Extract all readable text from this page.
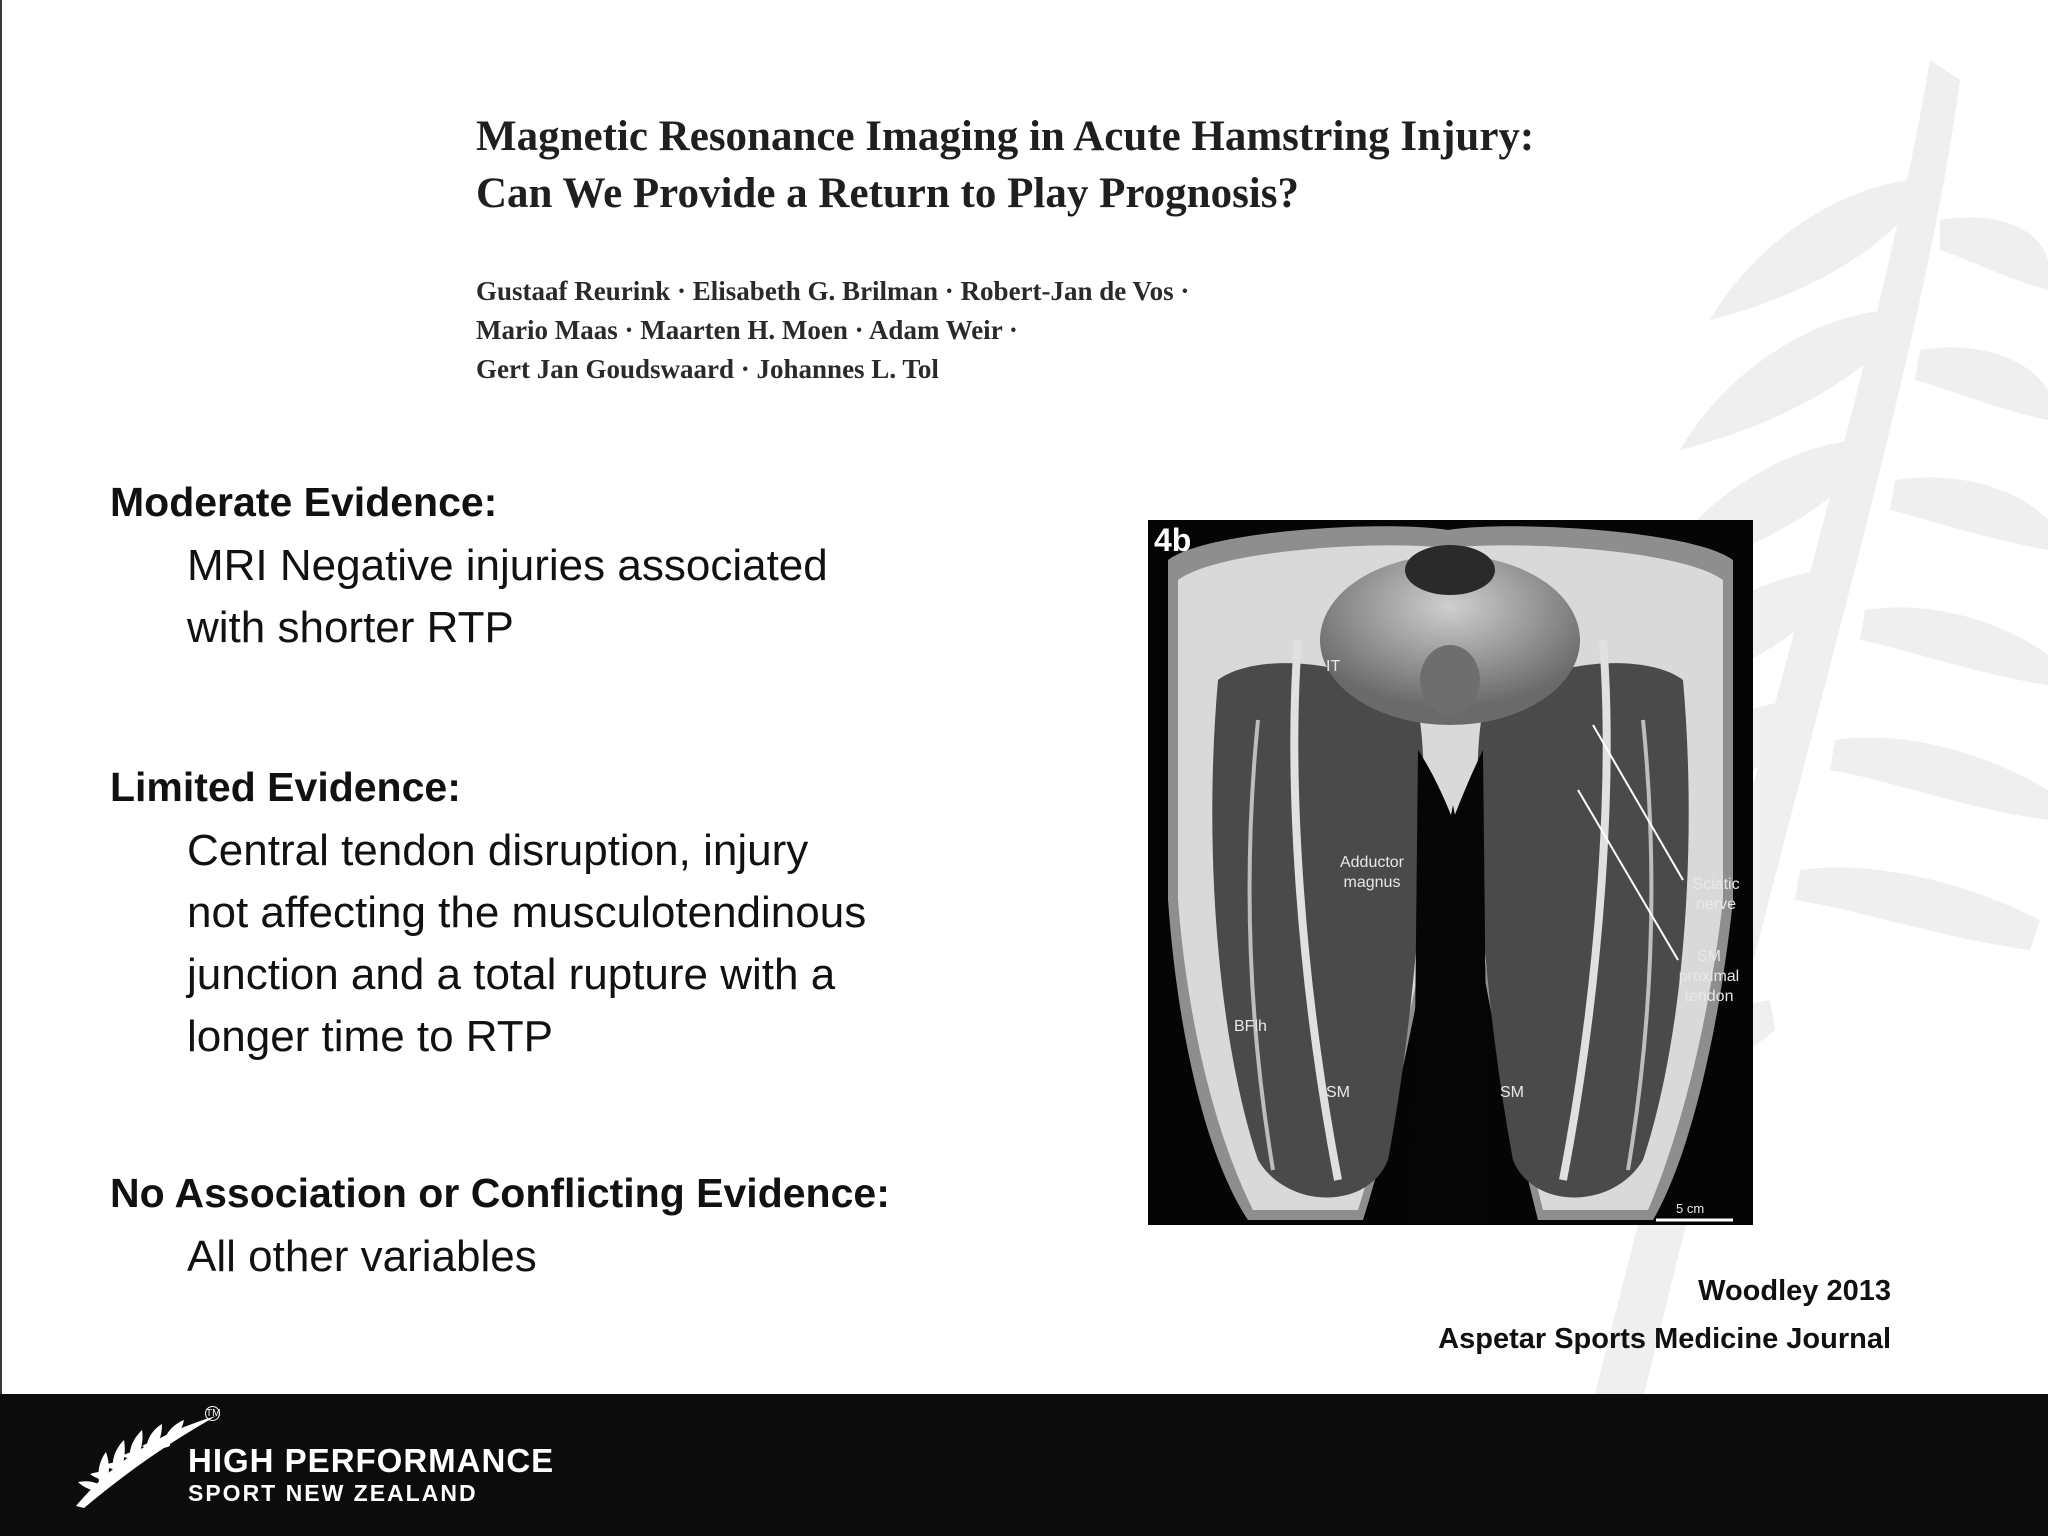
Magnetic Resonance Imaging in Acute Hamstring Injury:
Can We Provide a Return to Play Prognosis?
Gustaaf Reurink · Elisabeth G. Brilman · Robert-Jan de Vos ·
Mario Maas · Maarten H. Moen · Adam Weir ·
Gert Jan Goudswaard · Johannes L. Tol
Moderate Evidence:
MRI Negative injuries associated
with shorter RTP
Limited Evidence:
Central tendon disruption, injury
not affecting the musculotendinous
junction and a total rupture with a
longer time to RTP
No Association or Conflicting Evidence:
All other variables
4b
IT
Adductor
magnus	Sciatic
nerve
SM
proximal
tendon
BFlh
SM	SM
5 cm
Woodley 2013
Aspetar Sports Medicine Journal
TM
HIGH PERFORMANCE
SPORT NEW ZEALAND
